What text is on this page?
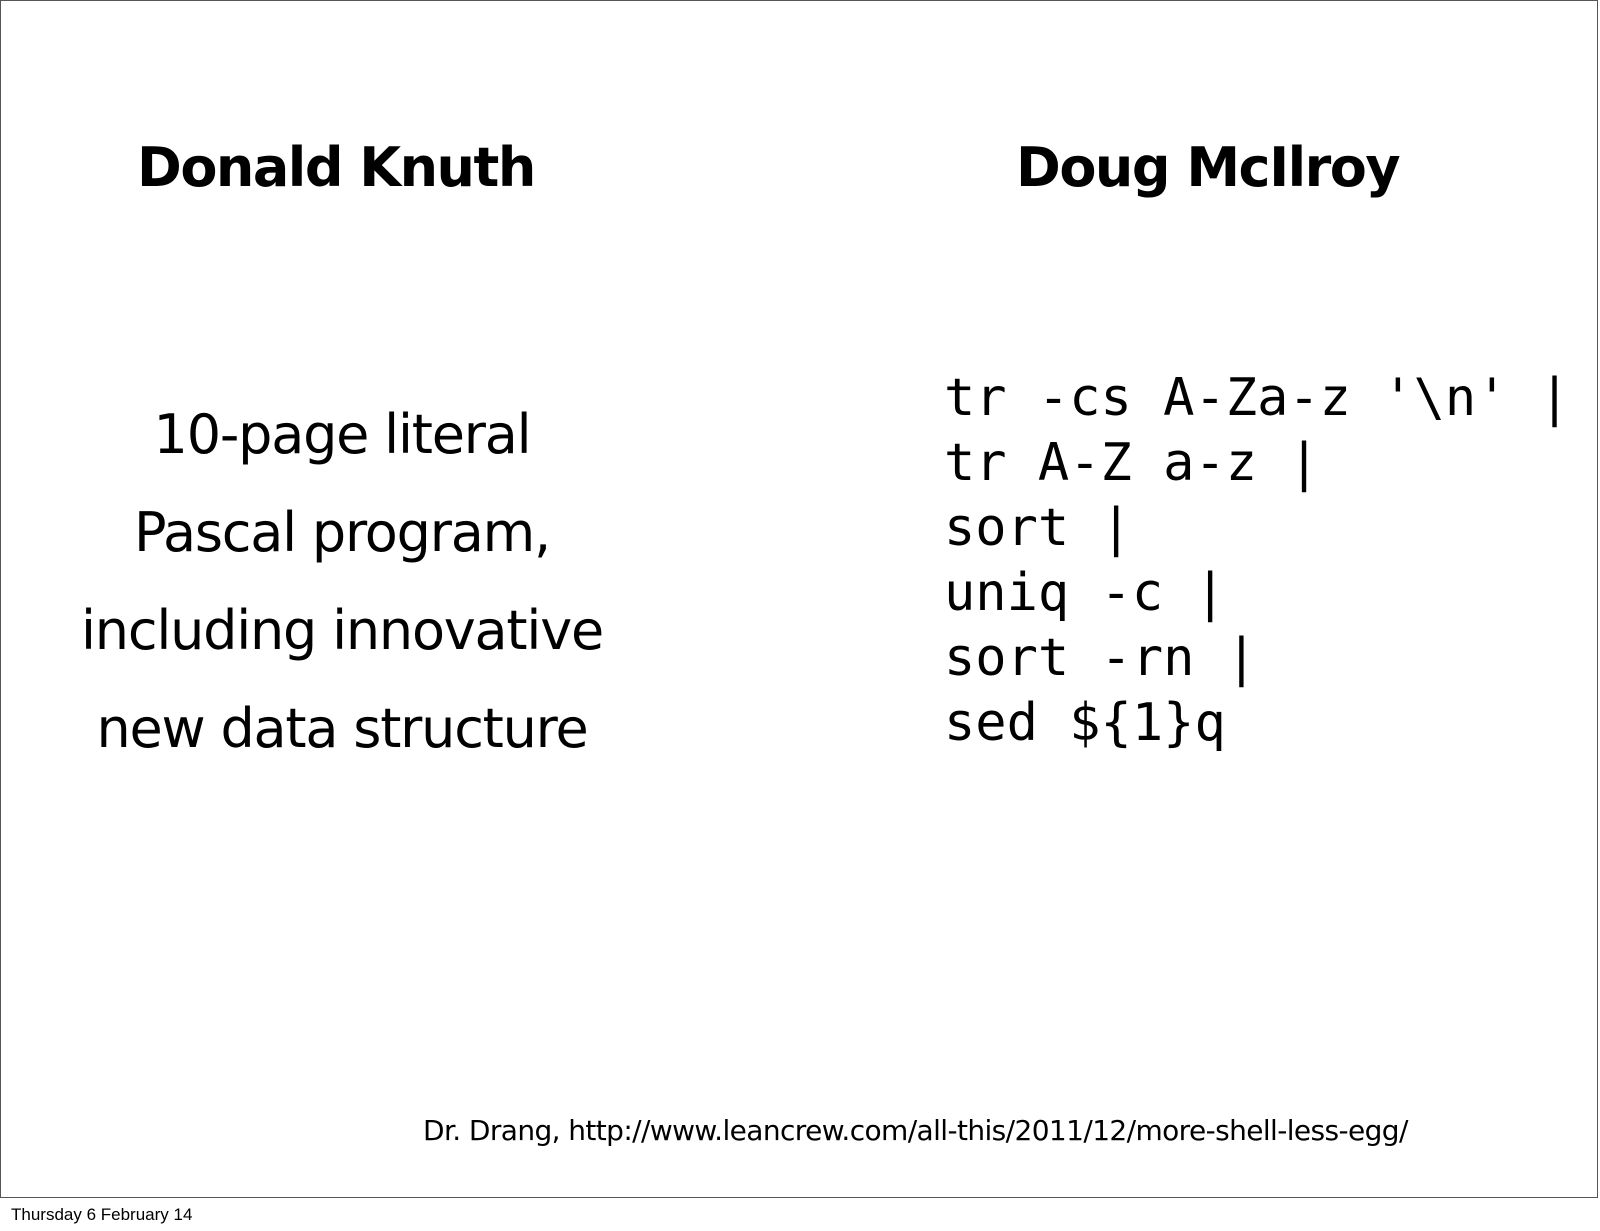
Donald Knuth	Doug McIlroy
10-page literal
Pascal program,
including innovative
new data structure
tr -cs A-Za-z '\n' |
tr A-Z a-z |
sort |
uniq -c |
sort -rn |
sed ${1}q
Dr. Drang, http://www.leancrew.com/all-this/2011/12/more-shell-less-egg/
Thursday 6 February 14
